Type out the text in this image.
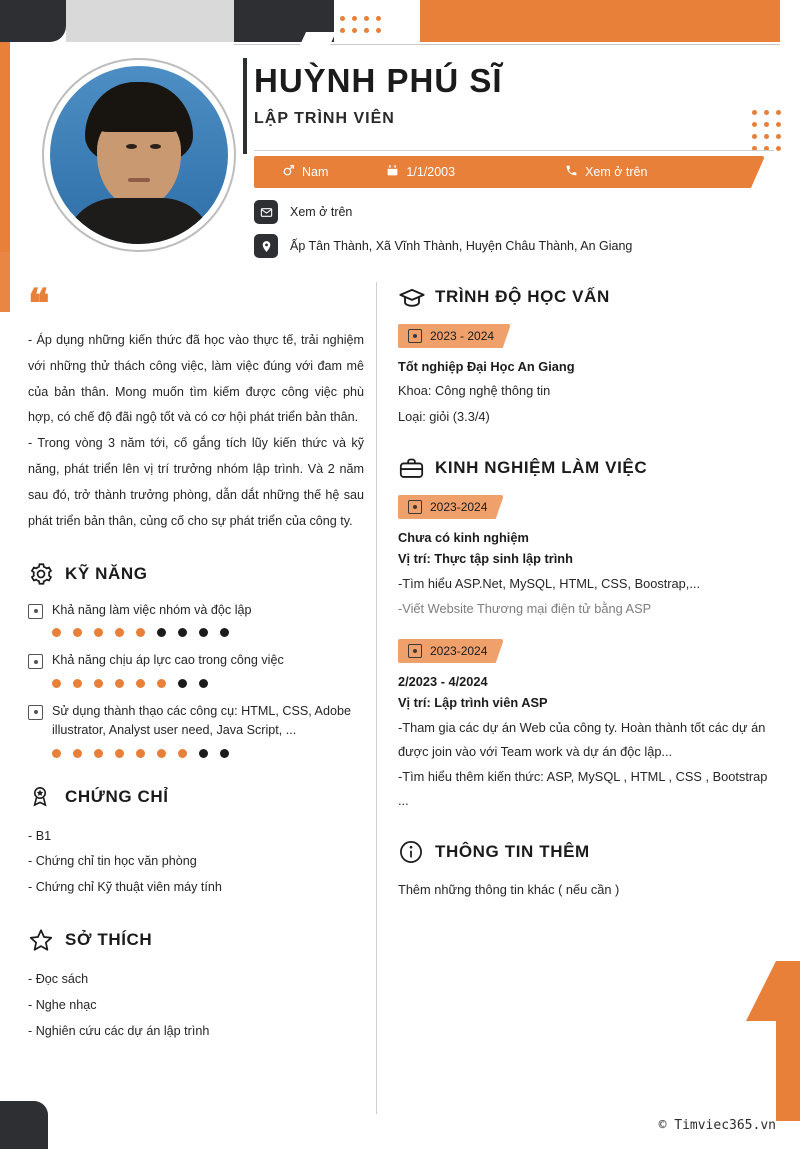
HUỲNH PHÚ SĨ
LẬP TRÌNH VIÊN
Nam	1/1/2003	Xem ở trên
Xem ở trên
Ấp Tân Thành, Xã Vĩnh Thành, Huyện Châu Thành, An Giang
❝

- Áp dụng những kiến thức đã học vào thực tế, trải nghiệm với những thử thách công việc, làm việc đúng với đam mê của bản thân. Mong muốn tìm kiếm được công việc phù hợp, có chế độ đãi ngộ tốt và có cơ hội phát triển bản thân.

- Trong vòng 3 năm tới, cố gắng tích lũy kiến thức và kỹ năng, phát triển lên vị trí trưởng nhóm lập trình. Và 2 năm sau đó, trở thành trưởng phòng, dẫn dắt những thế hệ sau phát triển bản thân, củng cố cho sự phát triển của công ty.

KỸ NĂNG
Khả năng làm việc nhóm và độc lập
Khả năng chịu áp lực cao trong công việc
Sử dụng thành thạo các công cụ: HTML, CSS, Adobe illustrator, Analyst user need, Java Script, ...
CHỨNG CHỈ
- B1
- Chứng chỉ tin học văn phòng
- Chứng chỉ Kỹ thuật viên máy tính
SỞ THÍCH
- Đọc sách
- Nghe nhạc
- Nghiên cứu các dự án lập trình
TRÌNH ĐỘ HỌC VẤN
2023 - 2024
Tốt nghiệp Đại Học An Giang
Khoa: Công nghệ thông tin
Loại: giỏi (3.3/4)
KINH NGHIỆM LÀM VIỆC
2023-2024
Chưa có kinh nghiệm
Vị trí: Thực tập sinh lập trình
-Tìm hiểu ASP.Net, MySQL, HTML, CSS, Boostrap,...
-Viết Website Thương mại điện tử bằng ASP
2023-2024
2/2023 - 4/2024
Vị trí: Lập trình viên ASP
-Tham gia các dự án Web của công ty. Hoàn thành tốt các dự án được join vào với Team work và dự án độc lập...
-Tìm hiểu thêm kiến thức: ASP, MySQL , HTML , CSS , Bootstrap ...
THÔNG TIN THÊM
Thêm những thông tin khác ( nếu cần )
© Timviec365.vn
